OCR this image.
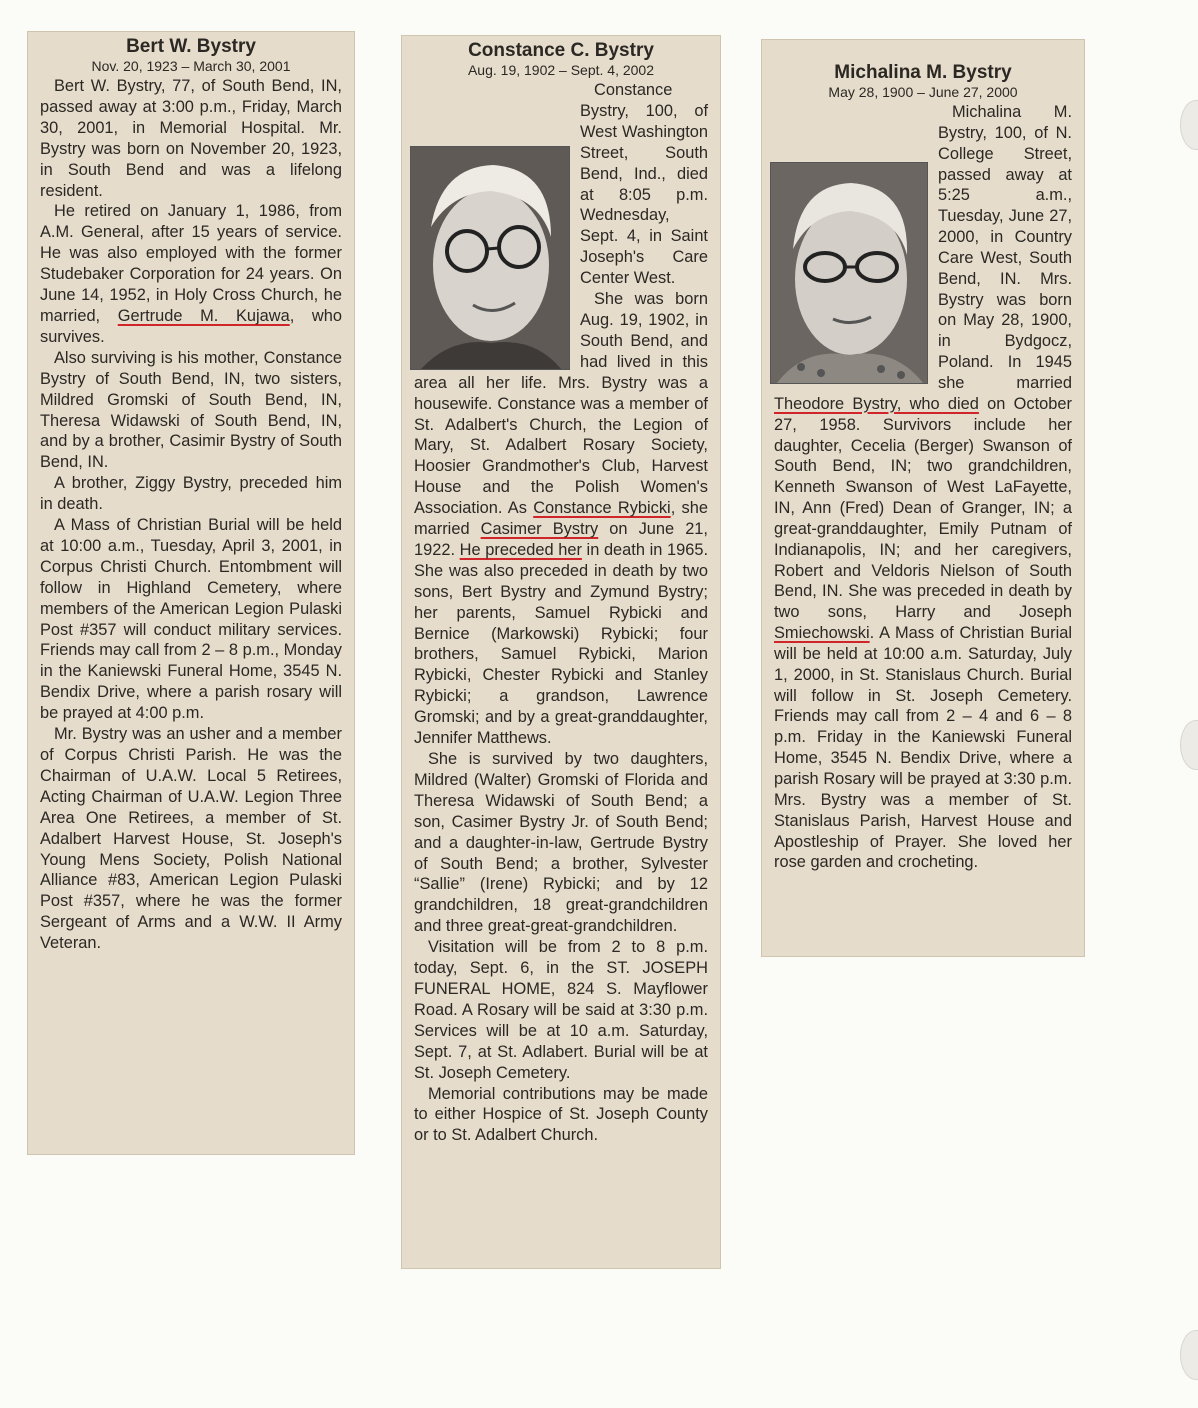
Bert W. Bystry
Nov. 20, 1923 – March 30, 2001

Bert W. Bystry, 77, of South Bend, IN, passed away at 3:00 p.m., Friday, March 30, 2001, in Memorial Hospital. Mr. Bystry was born on November 20, 1923, in South Bend and was a lifelong resident.

He retired on January 1, 1986, from A.M. General, after 15 years of service. He was also employed with the former Studebaker Corporation for 24 years. On June 14, 1952, in Holy Cross Church, he married, Gertrude M. Kujawa, who survives.

Also surviving is his mother, Constance Bystry of South Bend, IN, two sisters, Mildred Gromski of South Bend, IN, Theresa Widawski of South Bend, IN, and by a brother, Casimir Bystry of South Bend, IN.

A brother, Ziggy Bystry, preceded him in death.

A Mass of Christian Burial will be held at 10:00 a.m., Tuesday, April 3, 2001, in Corpus Christi Church. Entombment will follow in Highland Cemetery, where members of the American Legion Pulaski Post #357 will conduct military services. Friends may call from 2 – 8 p.m., Monday in the Kaniewski Funeral Home, 3545 N. Bendix Drive, where a parish rosary will be prayed at 4:00 p.m.

Mr. Bystry was an usher and a member of Corpus Christi Parish. He was the Chairman of U.A.W. Local 5 Retirees, Acting Chairman of U.A.W. Legion Three Area One Retirees, a member of St. Adalbert Harvest House, St. Joseph's Young Mens Society, Polish National Alliance #83, American Legion Pulaski Post #357, where he was the former Sergeant of Arms and a W.W. II Army Veteran.

Constance C. Bystry
Aug. 19, 1902 – Sept. 4, 2002

Constance Bystry, 100, of West Washington Street, South Bend, Ind., died at 8:05 p.m. Wednesday, Sept. 4, in Saint Joseph's Care Center West.

She was born Aug. 19, 1902, in South Bend, and had lived in this area all her life. Mrs. Bystry was a housewife. Constance was a member of St. Adalbert's Church, the Legion of Mary, St. Adalbert Rosary Society, Hoosier Grandmother's Club, Harvest House and the Polish Women's Association. As Constance Rybicki, she married Casimer Bystry on June 21, 1922. He preceded her in death in 1965. She was also preceded in death by two sons, Bert Bystry and Zymund Bystry; her parents, Samuel Rybicki and Bernice (Markowski) Rybicki; four brothers, Samuel Rybicki, Marion Rybicki, Chester Rybicki and Stanley Rybicki; a grandson, Lawrence Gromski; and by a great-granddaughter, Jennifer Matthews.

She is survived by two daughters, Mildred (Walter) Gromski of Florida and Theresa Widawski of South Bend; a son, Casimer Bystry Jr. of South Bend; and a daughter-in-law, Gertrude Bystry of South Bend; a brother, Sylvester “Sallie” (Irene) Rybicki; and by 12 grandchildren, 18 great-grandchildren and three great-great-grandchildren.

Visitation will be from 2 to 8 p.m. today, Sept. 6, in the ST. JOSEPH FUNERAL HOME, 824 S. Mayflower Road. A Rosary will be said at 3:30 p.m. Services will be at 10 a.m. Saturday, Sept. 7, at St. Adlabert. Burial will be at St. Joseph Cemetery.

Memorial contributions may be made to either Hospice of St. Joseph County or to St. Adalbert Church.

Michalina M. Bystry
May 28, 1900 – June 27, 2000

Michalina M. Bystry, 100, of N. College Street, passed away at 5:25 a.m., Tuesday, June 27, 2000, in Country Care West, South Bend, IN. Mrs. Bystry was born on May 28, 1900, in Bydgocz, Poland. In 1945 she married Theodore Bystry, who died on October 27, 1958. Survivors include her daughter, Cecelia (Berger) Swanson of South Bend, IN; two grandchildren, Kenneth Swanson of West LaFayette, IN, Ann (Fred) Dean of Granger, IN; a great-granddaughter, Emily Putnam of Indianapolis, IN; and her caregivers, Robert and Veldoris Nielson of South Bend, IN. She was preceded in death by two sons, Harry and Joseph Smiechowski. A Mass of Christian Burial will be held at 10:00 a.m. Saturday, July 1, 2000, in St. Stanislaus Church. Burial will follow in St. Joseph Cemetery. Friends may call from 2 – 4 and 6 – 8 p.m. Friday in the Kaniewski Funeral Home, 3545 N. Bendix Drive, where a parish Rosary will be prayed at 3:30 p.m. Mrs. Bystry was a member of St. Stanislaus Parish, Harvest House and Apostleship of Prayer. She loved her rose garden and crocheting.
